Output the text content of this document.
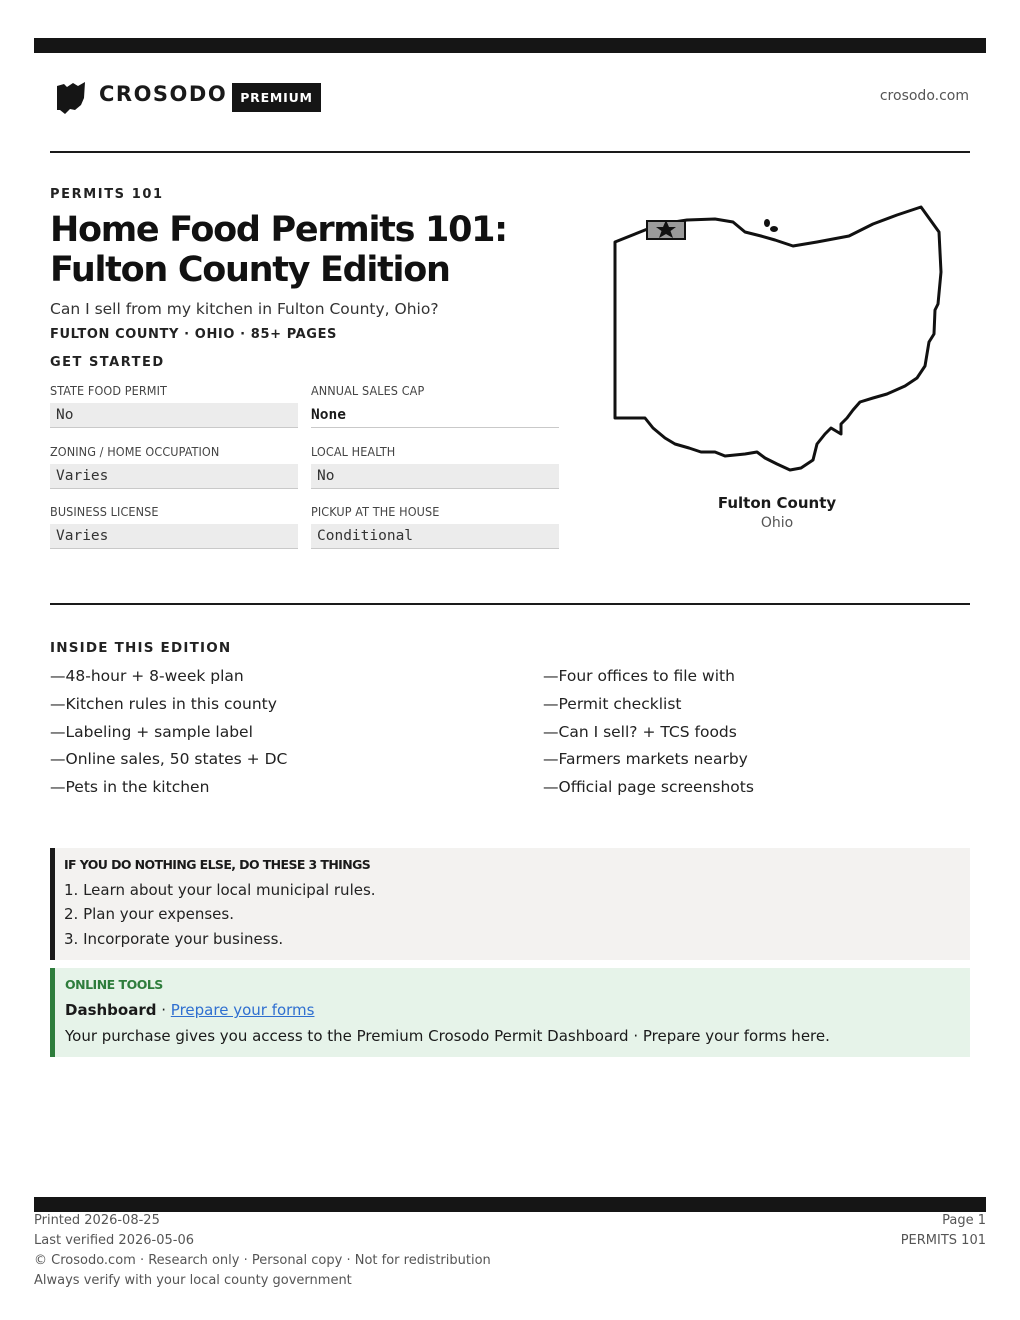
CROSODO	PREMIUM	crosodo.com
PERMITS 101
Home Food Permits 101: Fulton County Edition
Can I sell from my kitchen in Fulton County, Ohio?
FULTON COUNTY · OHIO · 85+ PAGES
GET STARTED
STATE FOOD PERMIT
No
ANNUAL SALES CAP
None
ZONING / HOME OCCUPATION
Varies
LOCAL HEALTH
No
BUSINESS LICENSE
Varies
PICKUP AT THE HOUSE
Conditional
Fulton County
Ohio
INSIDE THIS EDITION
—48-hour + 8-week plan
—Kitchen rules in this county
—Labeling + sample label
—Online sales, 50 states + DC
—Pets in the kitchen
—Four offices to file with
—Permit checklist
—Can I sell? + TCS foods
—Farmers markets nearby
—Official page screenshots
IF YOU DO NOTHING ELSE, DO THESE 3 THINGS
1. Learn about your local municipal rules.
2. Plan your expenses.
3. Incorporate your business.
ONLINE TOOLS
Dashboard · Prepare your forms
Your purchase gives you access to the Premium Crosodo Permit Dashboard · Prepare your forms here.
Printed 2026-08-25
Last verified 2026-05-06
© Crosodo.com · Research only · Personal copy · Not for redistribution
Always verify with your local county government
Page 1
PERMITS 101
